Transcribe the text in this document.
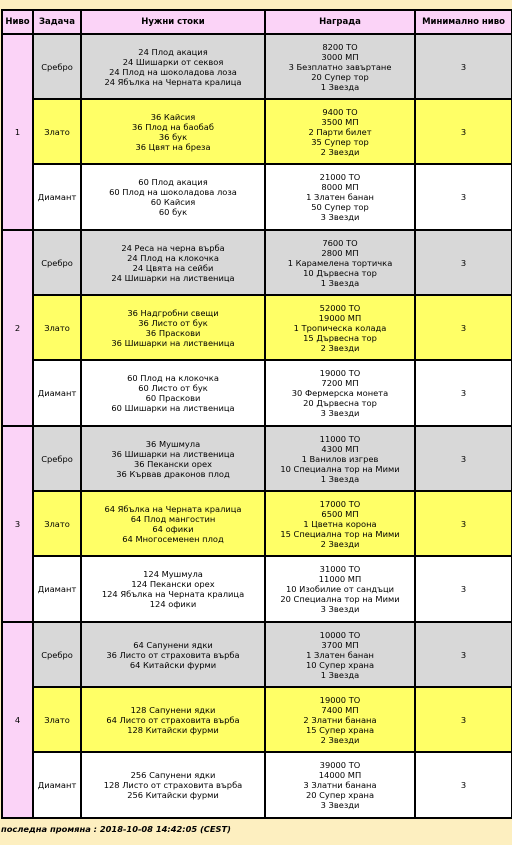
Ниво	Задача	Нужни стоки	Награда	Минимално ниво
1	Сребро	24 Плод акация
24 Шишарки от секвоя
24 Плод на шоколадова лоза
24 Ябълка на Черната кралица	8200 ТО
3000 МП
3 Безплатно завъртане
20 Супер тор
1 Звезда	3
	Злато	36 Кайсия
36 Плод на баобаб
36 бук
36 Цвят на бреза	9400 ТО
3500 МП
2 Парти билет
35 Супер тор
2 Звезди	3
	Диамант	60 Плод акация
60 Плод на шоколадова лоза
60 Кайсия
60 бук	21000 ТО
8000 МП
1 Златен банан
50 Супер тор
3 Звезди	3
2	Сребро	24 Реса на черна върба
24 Плод на клокочка
24 Цвята на сейби
24 Шишарки на лиственица	7600 ТО
2800 МП
1 Карамелена тортичка
10 Дървесна тор
1 Звезда	3
	Злато	36 Надгробни свещи
36 Листо от бук
36 Праскови
36 Шишарки на лиственица	52000 ТО
19000 МП
1 Тропическа колада
15 Дървесна тор
2 Звезди	3
	Диамант	60 Плод на клокочка
60 Листо от бук
60 Праскови
60 Шишарки на лиственица	19000 ТО
7200 МП
30 Фермерска монета
20 Дървесна тор
3 Звезди	3
3	Сребро	36 Мушмула
36 Шишарки на лиственица
36 Пекански орех
36 Кървав драконов плод	11000 ТО
4300 МП
1 Ванилов изгрев
10 Специална тор на Мими
1 Звезда	3
	Злато	64 Ябълка на Черната кралица
64 Плод мангостин
64 офики
64 Многосеменен плод	17000 ТО
6500 МП
1 Цветна корона
15 Специална тор на Мими
2 Звезди	3
	Диамант	124 Мушмула
124 Пекански орех
124 Ябълка на Черната кралица
124 офики	31000 ТО
11000 МП
10 Изобилие от сандъци
20 Специална тор на Мими
3 Звезди	3
4	Сребро	64 Сапунени ядки
36 Листо от страховита върба
64 Китайски фурми	10000 ТО
3700 МП
1 Златен банан
10 Супер храна
1 Звезда	3
	Злато	128 Сапунени ядки
64 Листо от страховита върба
128 Китайски фурми	19000 ТО
7400 МП
2 Златни банана
15 Супер храна
2 Звезди	3
	Диамант	256 Сапунени ядки
128 Листо от страховита върба
256 Китайски фурми	39000 ТО
14000 МП
3 Златни банана
20 Супер храна
3 Звезди	3
последна промяна : 2018-10-08 14:42:05 (CEST)
